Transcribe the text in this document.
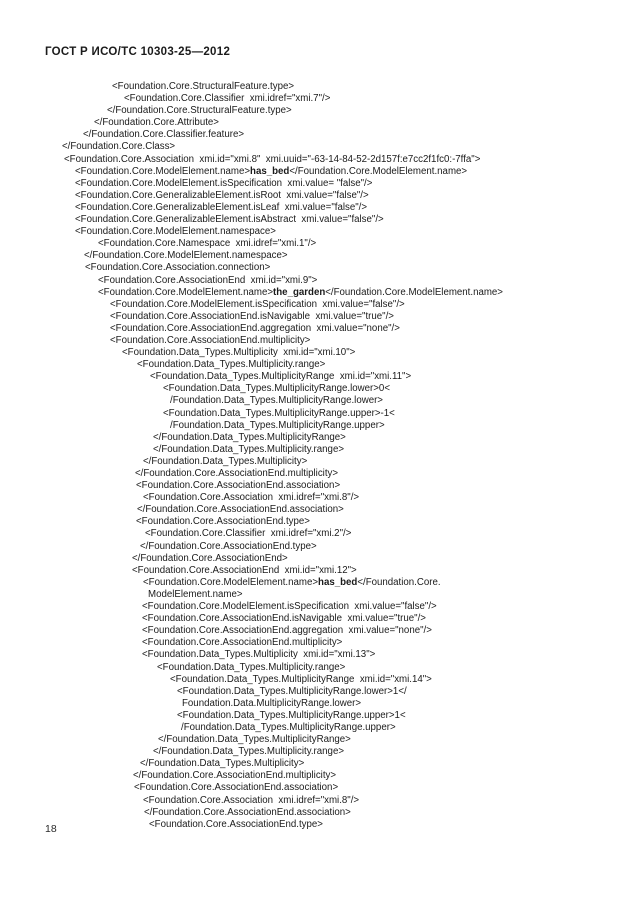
ГОСТ Р ИСО/ТС 10303-25—2012
<Foundation.Core.StructuralFeature.type>
<Foundation.Core.Classifier  xmi.idref="xmi.7"/>
</Foundation.Core.StructuralFeature.type>
</Foundation.Core.Attribute>
</Foundation.Core.Classifier.feature>
</Foundation.Core.Class>
<Foundation.Core.Association  xmi.id="xmi.8"  xmi.uuid="-63-14-84-52-2d157f:e7cc2f1fc0:-7ffa">
<Foundation.Core.ModelElement.name>has_bed</Foundation.Core.ModelElement.name>
<Foundation.Core.ModelElement.isSpecification  xmi.value= "false"/>
<Foundation.Core.GeneralizableElement.isRoot  xmi.value="false"/>
<Foundation.Core.GeneralizableElement.isLeaf  xmi.value="false"/>
<Foundation.Core.GeneralizableElement.isAbstract  xmi.value="false"/>
<Foundation.Core.ModelElement.namespace>
<Foundation.Core.Namespace  xmi.idref="xmi.1"/>
</Foundation.Core.ModelElement.namespace>
<Foundation.Core.Association.connection>
<Foundation.Core.AssociationEnd  xmi.id="xmi.9">
<Foundation.Core.ModelElement.name>the_garden</Foundation.Core.ModelElement.name>
<Foundation.Core.ModelElement.isSpecification  xmi.value="false"/>
<Foundation.Core.AssociationEnd.isNavigable  xmi.value="true"/>
<Foundation.Core.AssociationEnd.aggregation  xmi.value="none"/>
<Foundation.Core.AssociationEnd.multiplicity>
<Foundation.Data_Types.Multiplicity  xmi.id="xmi.10">
<Foundation.Data_Types.Multiplicity.range>
<Foundation.Data_Types.MultiplicityRange  xmi.id="xmi.11">
<Foundation.Data_Types.MultiplicityRange.lower>0<
/Foundation.Data_Types.MultiplicityRange.lower>
<Foundation.Data_Types.MultiplicityRange.upper>-1<
/Foundation.Data_Types.MultiplicityRange.upper>
</Foundation.Data_Types.MultiplicityRange>
</Foundation.Data_Types.Multiplicity.range>
</Foundation.Data_Types.Multiplicity>
</Foundation.Core.AssociationEnd.multiplicity>
<Foundation.Core.AssociationEnd.association>
<Foundation.Core.Association  xmi.idref="xmi.8"/>
</Foundation.Core.AssociationEnd.association>
<Foundation.Core.AssociationEnd.type>
<Foundation.Core.Classifier  xmi.idref="xmi.2"/>
</Foundation.Core.AssociationEnd.type>
</Foundation.Core.AssociationEnd>
<Foundation.Core.AssociationEnd  xmi.id="xmi.12">
<Foundation.Core.ModelElement.name>has_bed</Foundation.Core.
ModelElement.name>
<Foundation.Core.ModelElement.isSpecification  xmi.value="false"/>
<Foundation.Core.AssociationEnd.isNavigable  xmi.value="true"/>
<Foundation.Core.AssociationEnd.aggregation  xmi.value="none"/>
<Foundation.Core.AssociationEnd.multiplicity>
<Foundation.Data_Types.Multiplicity  xmi.id="xmi.13">
<Foundation.Data_Types.Multiplicity.range>
<Foundation.Data_Types.MultiplicityRange  xmi.id="xmi.14">
<Foundation.Data_Types.MultiplicityRange.lower>1</
Foundation.Data.MultiplicityRange.lower>
<Foundation.Data_Types.MultiplicityRange.upper>1<
/Foundation.Data_Types.MultiplicityRange.upper>
</Foundation.Data_Types.MultiplicityRange>
</Foundation.Data_Types.Multiplicity.range>
</Foundation.Data_Types.Multiplicity>
</Foundation.Core.AssociationEnd.multiplicity>
<Foundation.Core.AssociationEnd.association>
<Foundation.Core.Association  xmi.idref="xmi.8"/>
</Foundation.Core.AssociationEnd.association>
<Foundation.Core.AssociationEnd.type>
18
